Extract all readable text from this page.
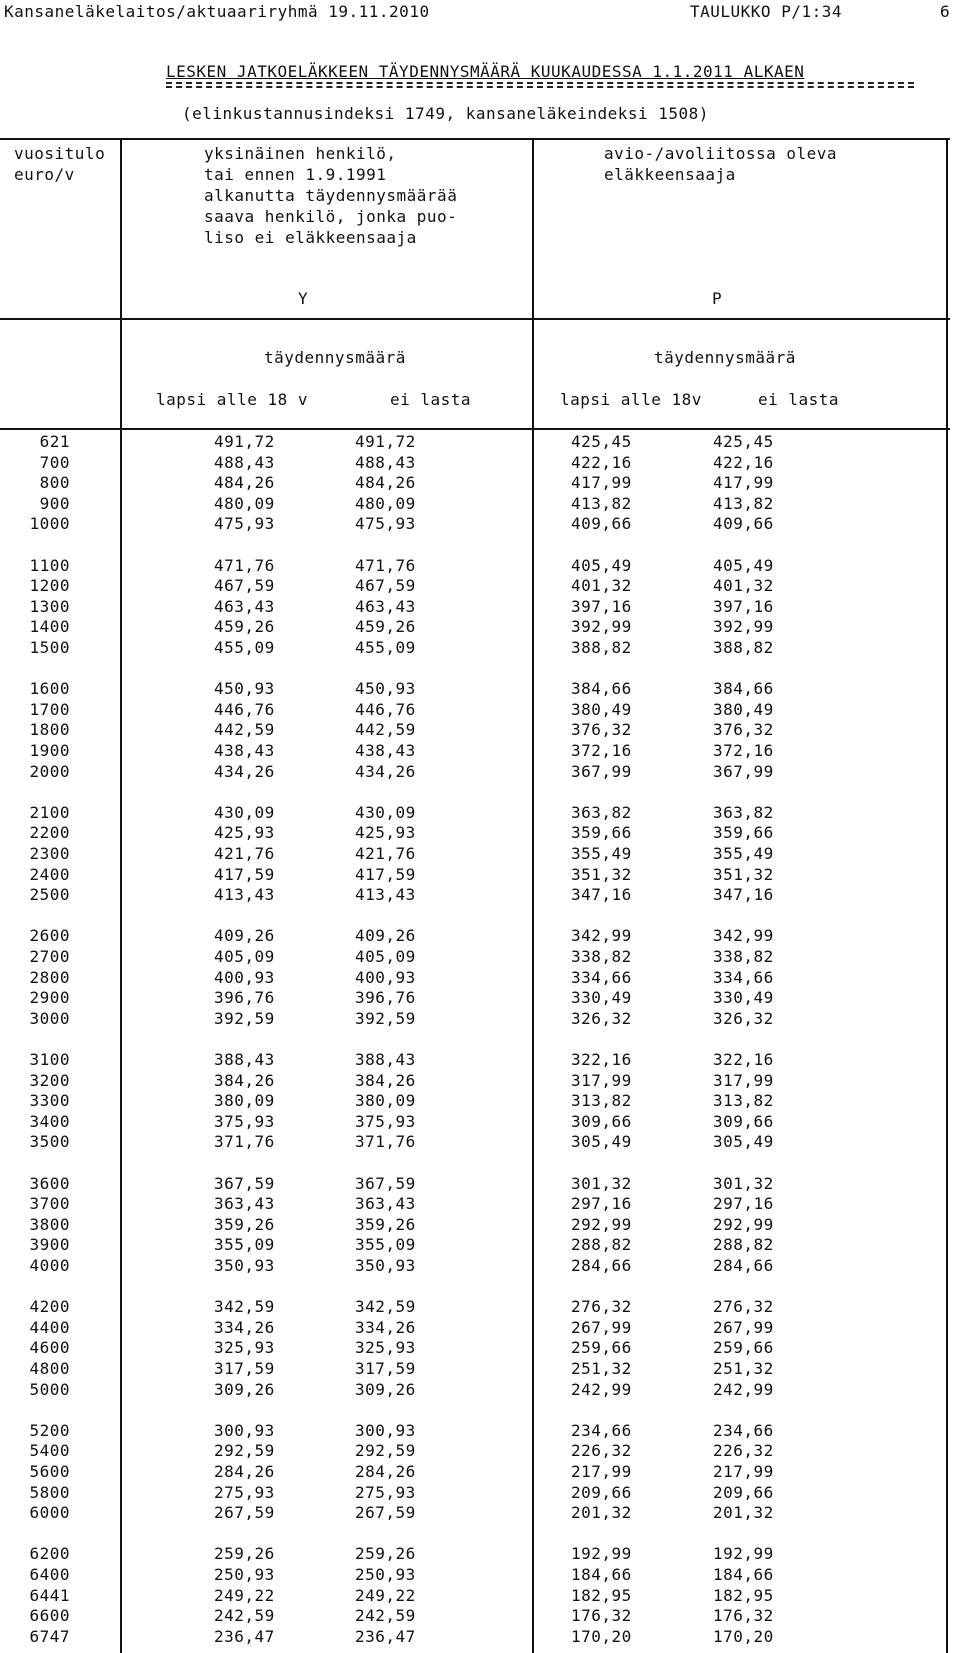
Kansaneläkelaitos/aktuaariryhmä 19.11.2010	TAULUKKO P/1:34	6
LESKEN JATKOELÄKKEEN TÄYDENNYSMÄÄRÄ KUUKAUDESSA 1.1.2011 ALKAEN
(elinkustannusindeksi 1749, kansaneläkeindeksi 1508)
vuositulo
euro/v
yksinäinen henkilö,
tai ennen 1.9.1991
alkanutta täydennysmäärää
saava henkilö, jonka puo-
liso ei eläkkeensaaja
avio-/avoliitossa oleva
eläkkeensaaja
Y	P
täydennysmäärä	täydennysmäärä
lapsi alle 18 v	ei lasta	lapsi alle 18v	ei lasta
621	491,72	491,72	425,45	425,45
700	488,43	488,43	422,16	422,16
800	484,26	484,26	417,99	417,99
900	480,09	480,09	413,82	413,82
1000	475,93	475,93	409,66	409,66
1100	471,76	471,76	405,49	405,49
1200	467,59	467,59	401,32	401,32
1300	463,43	463,43	397,16	397,16
1400	459,26	459,26	392,99	392,99
1500	455,09	455,09	388,82	388,82
1600	450,93	450,93	384,66	384,66
1700	446,76	446,76	380,49	380,49
1800	442,59	442,59	376,32	376,32
1900	438,43	438,43	372,16	372,16
2000	434,26	434,26	367,99	367,99
2100	430,09	430,09	363,82	363,82
2200	425,93	425,93	359,66	359,66
2300	421,76	421,76	355,49	355,49
2400	417,59	417,59	351,32	351,32
2500	413,43	413,43	347,16	347,16
2600	409,26	409,26	342,99	342,99
2700	405,09	405,09	338,82	338,82
2800	400,93	400,93	334,66	334,66
2900	396,76	396,76	330,49	330,49
3000	392,59	392,59	326,32	326,32
3100	388,43	388,43	322,16	322,16
3200	384,26	384,26	317,99	317,99
3300	380,09	380,09	313,82	313,82
3400	375,93	375,93	309,66	309,66
3500	371,76	371,76	305,49	305,49
3600	367,59	367,59	301,32	301,32
3700	363,43	363,43	297,16	297,16
3800	359,26	359,26	292,99	292,99
3900	355,09	355,09	288,82	288,82
4000	350,93	350,93	284,66	284,66
4200	342,59	342,59	276,32	276,32
4400	334,26	334,26	267,99	267,99
4600	325,93	325,93	259,66	259,66
4800	317,59	317,59	251,32	251,32
5000	309,26	309,26	242,99	242,99
5200	300,93	300,93	234,66	234,66
5400	292,59	292,59	226,32	226,32
5600	284,26	284,26	217,99	217,99
5800	275,93	275,93	209,66	209,66
6000	267,59	267,59	201,32	201,32
6200	259,26	259,26	192,99	192,99
6400	250,93	250,93	184,66	184,66
6441	249,22	249,22	182,95	182,95
6600	242,59	242,59	176,32	176,32
6747	236,47	236,47	170,20	170,20
